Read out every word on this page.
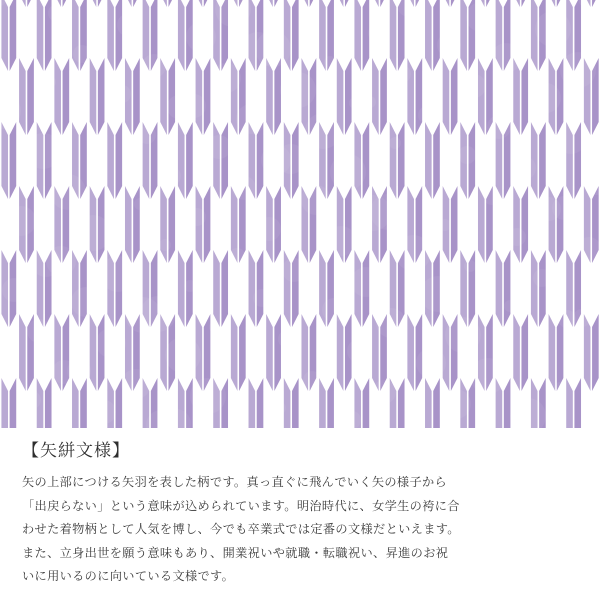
【矢絣文様】
矢の上部につける矢羽を表した柄です。真っ直ぐに飛んでいく矢の様子から
「出戻らない」という意味が込められています。明治時代に、女学生の袴に合
わせた着物柄として人気を博し、今でも卒業式では定番の文様だといえます。
また、立身出世を願う意味もあり、開業祝いや就職・転職祝い、昇進のお祝
いに用いるのに向いている文様です。
